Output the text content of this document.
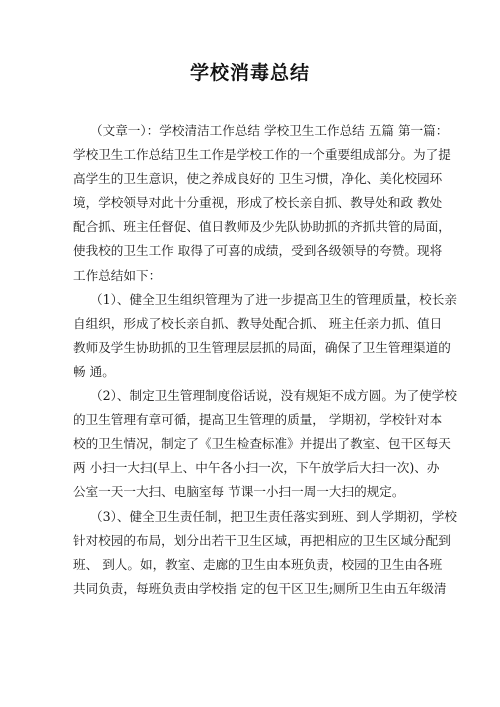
学校消毒总结
（文章一）：学校清洁工作总结 学校卫生工作总结 五篇 第一篇：
学校卫生工作总结卫生工作是学校工作的一个重要组成部分。为了提
高学生的卫生意识，使之养成良好的 卫生习惯，净化、美化校园环
境，学校领导对此十分重视，形成了校长亲自抓、教导处和政 教处
配合抓、班主任督促、值日教师及少先队协助抓的齐抓共管的局面，
使我校的卫生工作 取得了可喜的成绩，受到各级领导的夸赞。现将
工作总结如下：
（1）、健全卫生组织管理为了进一步提高卫生的管理质量，校长亲
自组织，形成了校长亲自抓、教导处配合抓、 班主任亲力抓、值日
教师及学生协助抓的卫生管理层层抓的局面，确保了卫生管理渠道的
畅 通。
（2）、制定卫生管理制度俗话说，没有规矩不成方圆。为了使学校
的卫生管理有章可循，提高卫生管理的质量， 学期初，学校针对本
校的卫生情况，制定了《卫生检查标准》并提出了教室、包干区每天
两 小扫一大扫(早上、中午各小扫一次，下午放学后大扫一次)、办
公室一天一大扫、电脑室每 节课一小扫一周一大扫的规定。
（3）、健全卫生责任制，把卫生责任落实到班、到人学期初，学校
针对校园的布局，划分出若干卫生区域，再把相应的卫生区域分配到
班、 到人。如，教室、走廊的卫生由本班负责，校园的卫生由各班
共同负责，每班负责由学校指 定的包干区卫生;厕所卫生由五年级清
